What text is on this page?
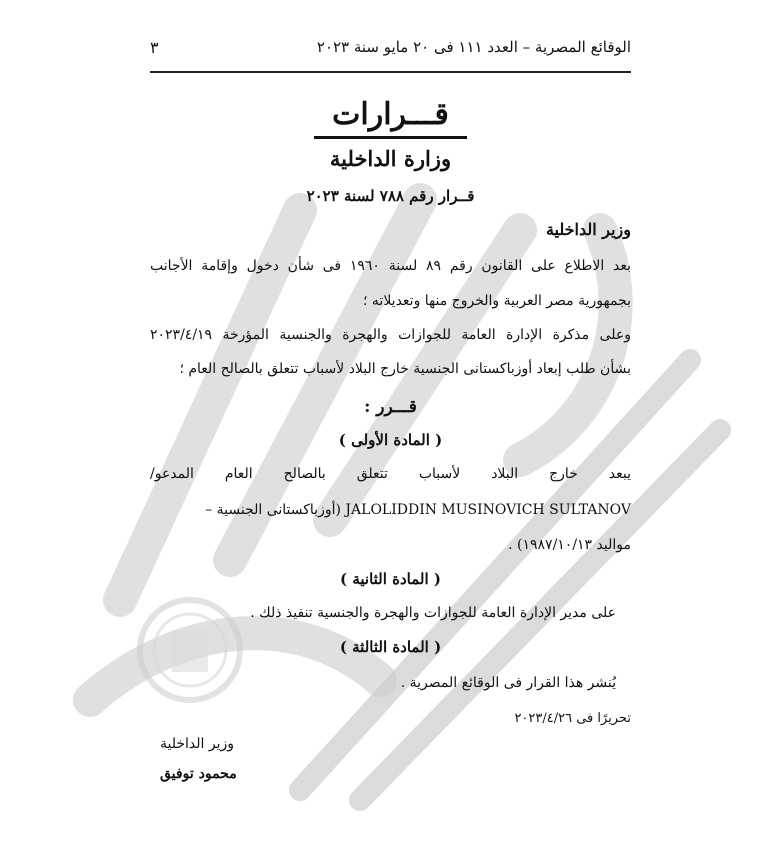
الوقائع المصرية – العدد ١١١ فى ٢٠ مايو سنة ٢٠٢٣
٣
قـــرارات
وزارة الداخلية
قــرار رقم ٧٨٨ لسنة ٢٠٢٣
وزير الداخلية
بعد الاطلاع على القانون رقم ٨٩ لسنة ١٩٦٠ فى شأن دخول وإقامة الأجانب
بجمهورية مصر العربية والخروج منها وتعديلاته ؛
وعلى مذكرة الإدارة العامة للجوازات والهجرة والجنسية المؤرخة ٢٠٢٣/٤/١٩
بشأن طلب إبعاد أوزباكستانى الجنسية خارج البلاد لأسباب تتعلق بالصالح العام ؛
قـــرر :
( المادة الأولى )
يبعد خارج البلاد لأسباب تتعلق بالصالح العام المدعو/
JALOLIDDIN MUSINOVICH SULTANOV (أوزباكستانى الجنسية –
مواليد ١٩٨٧/١٠/١٣) .
( المادة الثانية )
على مدير الإدارة العامة للجوازات والهجرة والجنسية تنفيذ ذلك .
( المادة الثالثة )
يُنشر هذا القرار فى الوقائع المصرية .
تحريرًا فى ٢٠٢٣/٤/٢٦
وزير الداخلية
محمود توفيق
